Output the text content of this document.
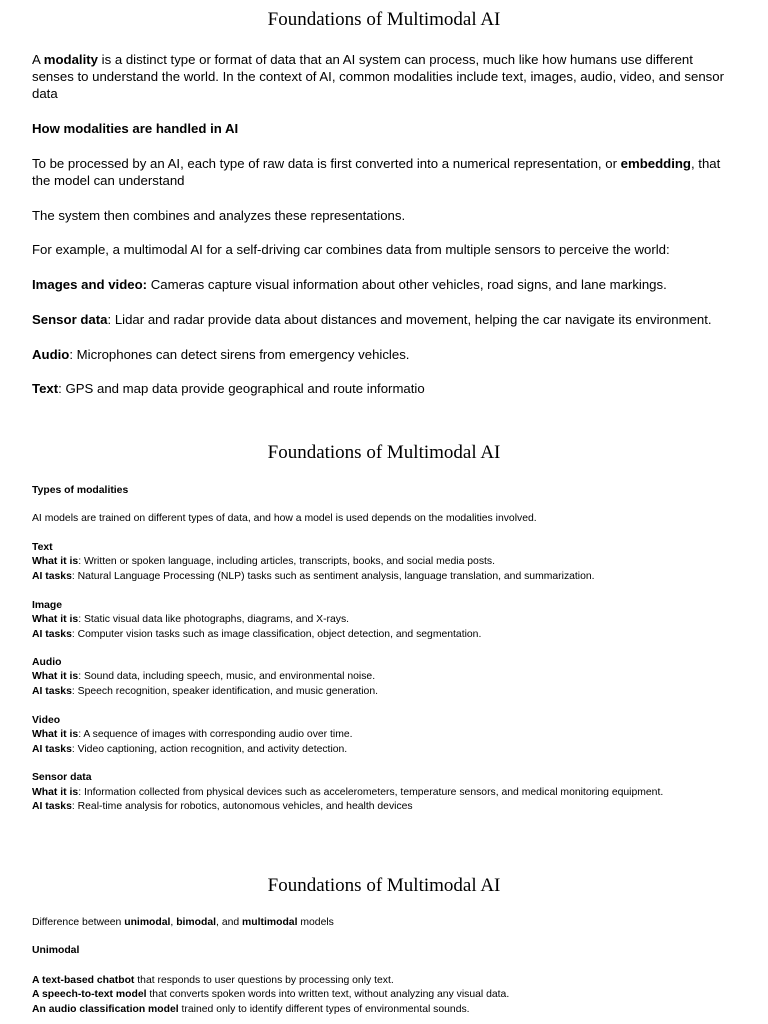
Foundations of Multimodal AI
A modality is a distinct type or format of data that an AI system can process, much like how humans use different senses to understand the world. In the context of AI, common modalities include text, images, audio, video, and sensor data
How modalities are handled in AI
To be processed by an AI, each type of raw data is first converted into a numerical representation, or embedding, that the model can understand
The system then combines and analyzes these representations.
For example, a multimodal AI for a self-driving car combines data from multiple sensors to perceive the world:
Images and video: Cameras capture visual information about other vehicles, road signs, and lane markings.
Sensor data: Lidar and radar provide data about distances and movement, helping the car navigate its environment.
Audio: Microphones can detect sirens from emergency vehicles.
Text: GPS and map data provide geographical and route informatio
Foundations of Multimodal AI
Types of modalities
AI models are trained on different types of data, and how a model is used depends on the modalities involved.
Text
What it is: Written or spoken language, including articles, transcripts, books, and social media posts.
AI tasks: Natural Language Processing (NLP) tasks such as sentiment analysis, language translation, and summarization.
Image
What it is: Static visual data like photographs, diagrams, and X-rays.
AI tasks: Computer vision tasks such as image classification, object detection, and segmentation.
Audio
What it is: Sound data, including speech, music, and environmental noise.
AI tasks: Speech recognition, speaker identification, and music generation.
Video
What it is: A sequence of images with corresponding audio over time.
AI tasks: Video captioning, action recognition, and activity detection.
Sensor data
What it is: Information collected from physical devices such as accelerometers, temperature sensors, and medical monitoring equipment.
AI tasks: Real-time analysis for robotics, autonomous vehicles, and health devices
Foundations of Multimodal AI
Difference between unimodal, bimodal, and multimodal models
Unimodal
A text-based chatbot that responds to user questions by processing only text.
A speech-to-text model that converts spoken words into written text, without analyzing any visual data.
An audio classification model trained only to identify different types of environmental sounds.
